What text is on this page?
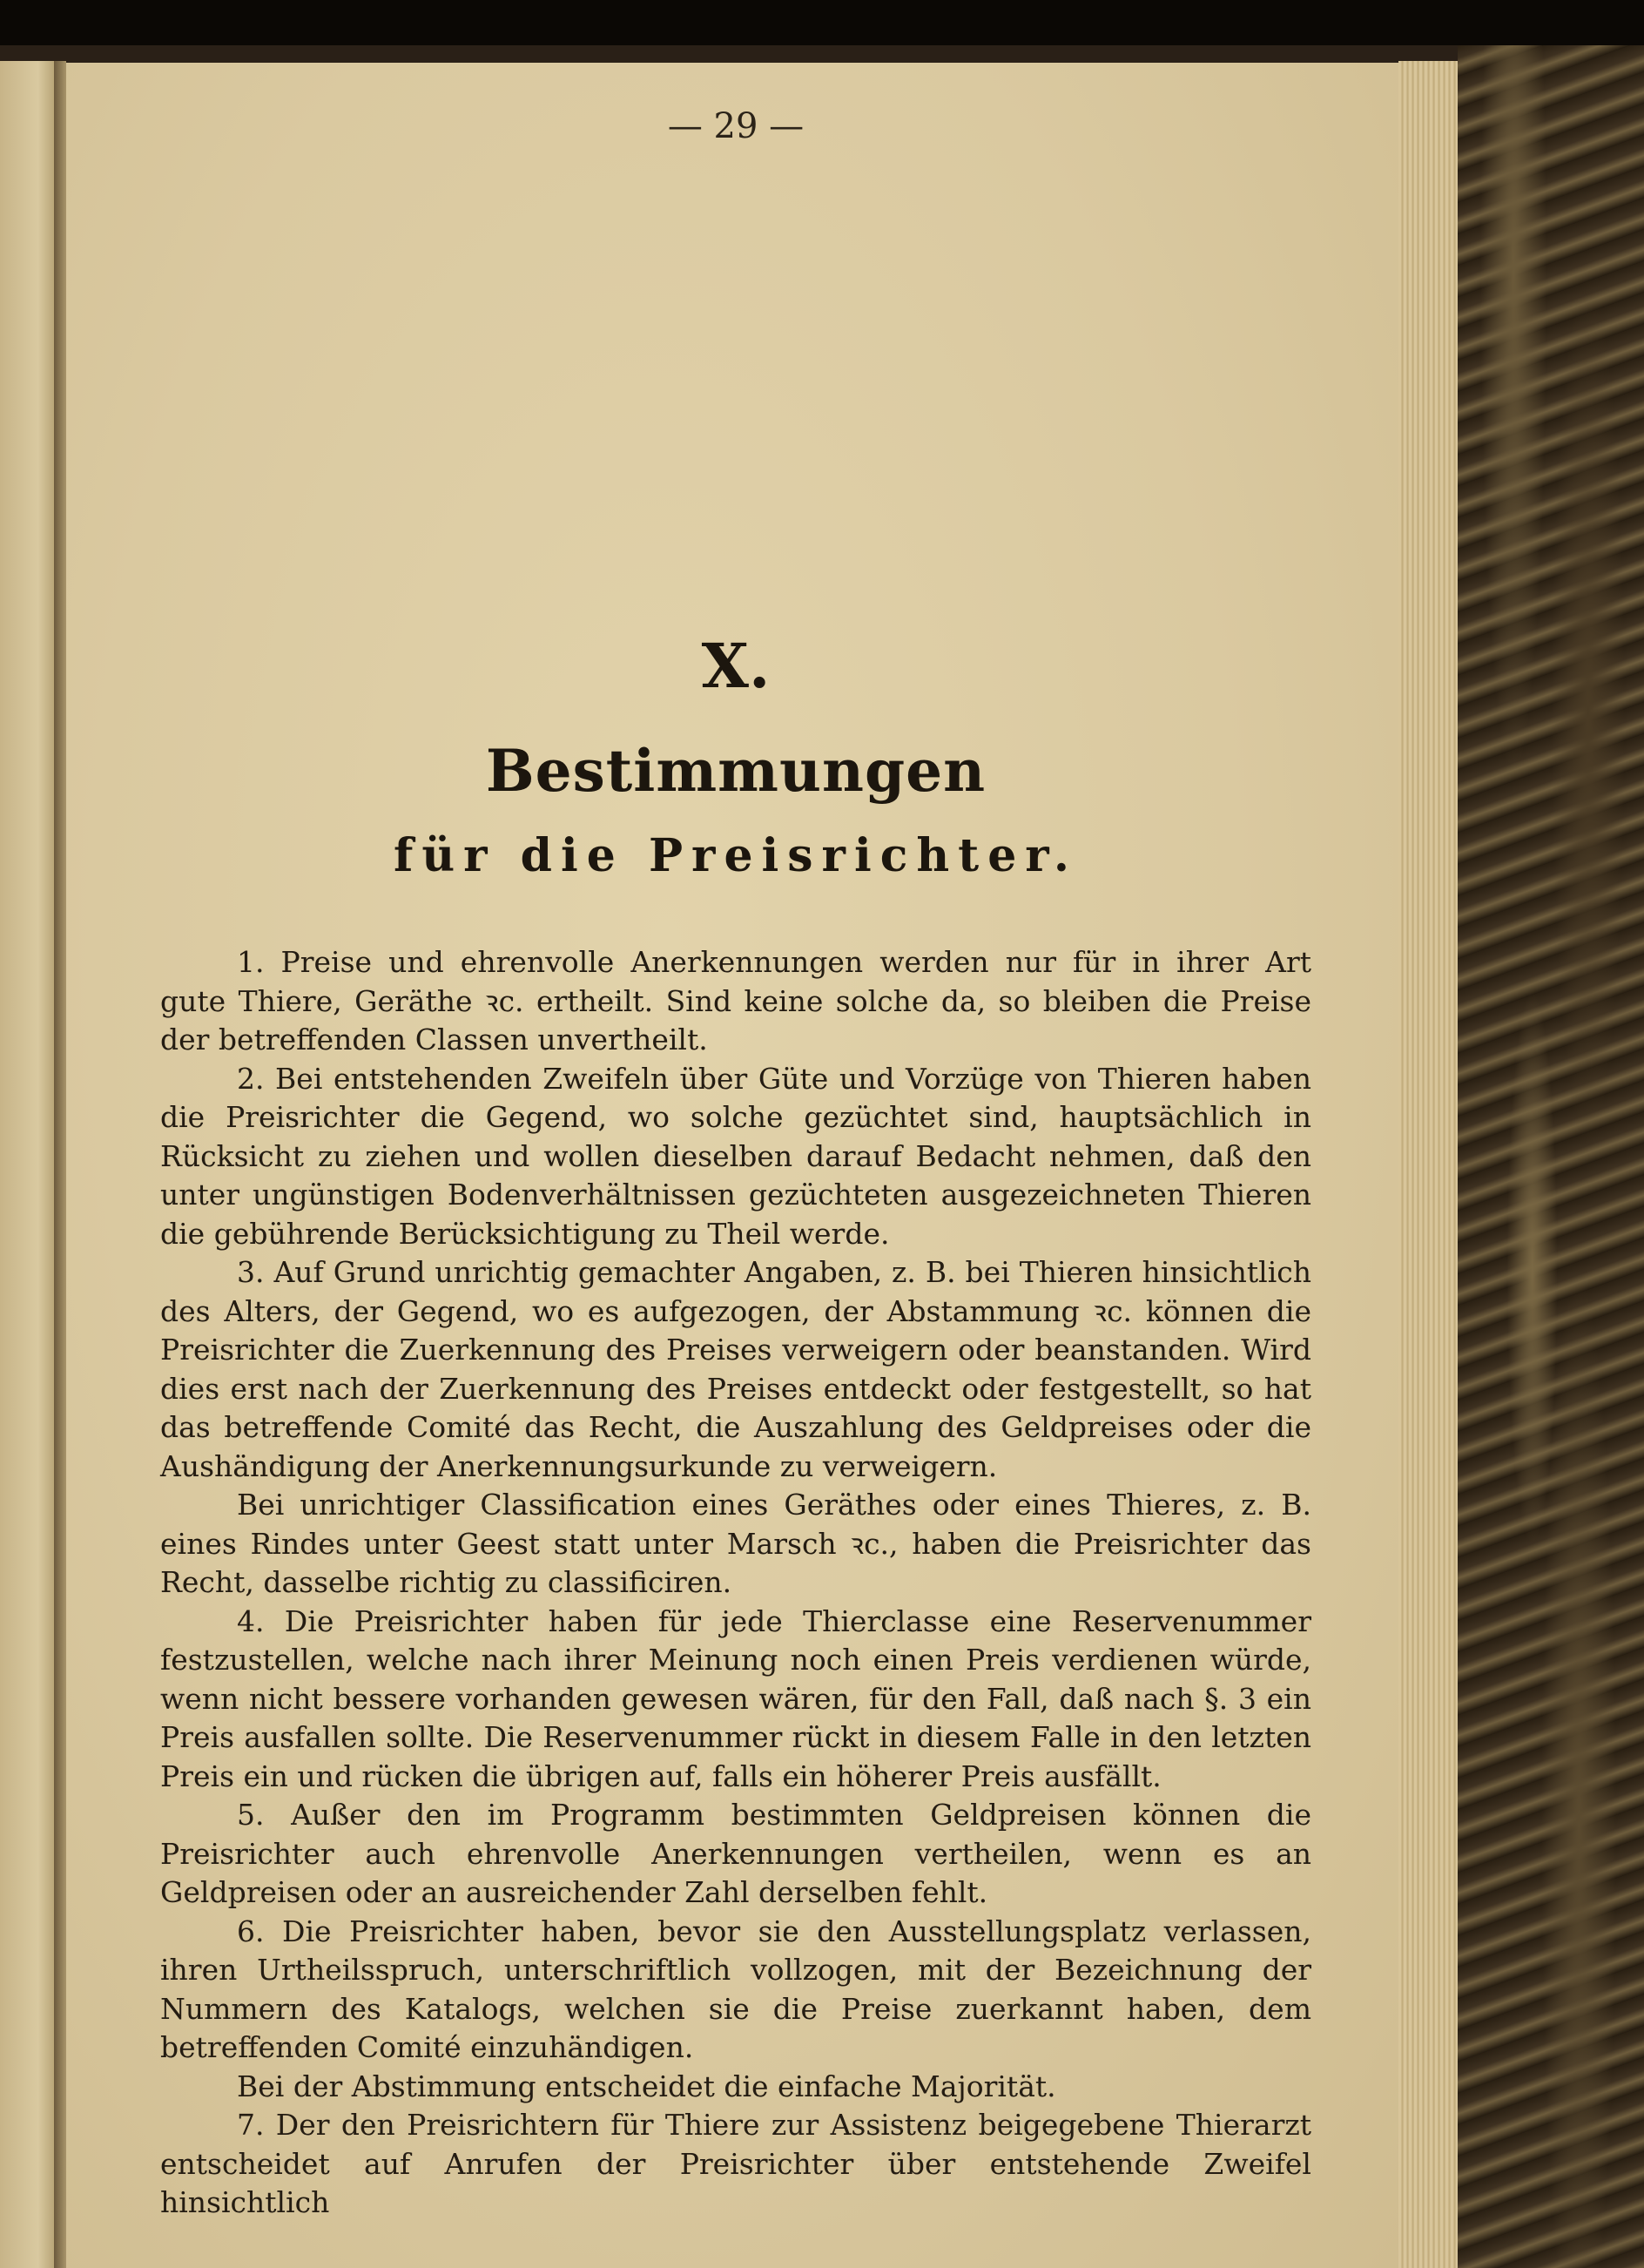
— 29 —
X.
Bestimmungen
für die Preisrichter.

1. Preise und ehrenvolle Anerkennungen werden nur für in ihrer Art gute Thiere, Geräthe ꝛc. ertheilt. Sind keine solche da, so bleiben die Preise der betreffenden Classen unvertheilt.

2. Bei entstehenden Zweifeln über Güte und Vorzüge von Thieren haben die Preisrichter die Gegend, wo solche gezüchtet sind, hauptsächlich in Rücksicht zu ziehen und wollen dieselben darauf Bedacht nehmen, daß den unter ungünstigen Bodenverhältnissen gezüchteten ausgezeichneten Thieren die gebührende Berücksichtigung zu Theil werde.

3. Auf Grund unrichtig gemachter Angaben, z. B. bei Thieren hinsichtlich des Alters, der Gegend, wo es aufgezogen, der Abstammung ꝛc. können die Preisrichter die Zuerkennung des Preises verweigern oder beanstanden. Wird dies erst nach der Zuerkennung des Preises entdeckt oder festgestellt, so hat das betreffende Comité das Recht, die Auszahlung des Geldpreises oder die Aushändigung der Anerkennungsurkunde zu verweigern.

Bei unrichtiger Classification eines Geräthes oder eines Thieres, z. B. eines Rindes unter Geest statt unter Marsch ꝛc., haben die Preisrichter das Recht, dasselbe richtig zu classificiren.

4. Die Preisrichter haben für jede Thierclasse eine Reservenummer festzustellen, welche nach ihrer Meinung noch einen Preis verdienen würde, wenn nicht bessere vorhanden gewesen wären, für den Fall, daß nach §. 3 ein Preis ausfallen sollte. Die Reservenummer rückt in diesem Falle in den letzten Preis ein und rücken die übrigen auf, falls ein höherer Preis ausfällt.

5. Außer den im Programm bestimmten Geldpreisen können die Preisrichter auch ehrenvolle Anerkennungen vertheilen, wenn es an Geldpreisen oder an ausreichender Zahl derselben fehlt.

6. Die Preisrichter haben, bevor sie den Ausstellungsplatz verlassen, ihren Urtheilsspruch, unterschriftlich vollzogen, mit der Bezeichnung der Nummern des Katalogs, welchen sie die Preise zuerkannt haben, dem betreffenden Comité einzuhändigen.

Bei der Abstimmung entscheidet die einfache Majorität.

7. Der den Preisrichtern für Thiere zur Assistenz beigegebene Thierarzt entscheidet auf Anrufen der Preisrichter über entstehende Zweifel hinsichtlich
